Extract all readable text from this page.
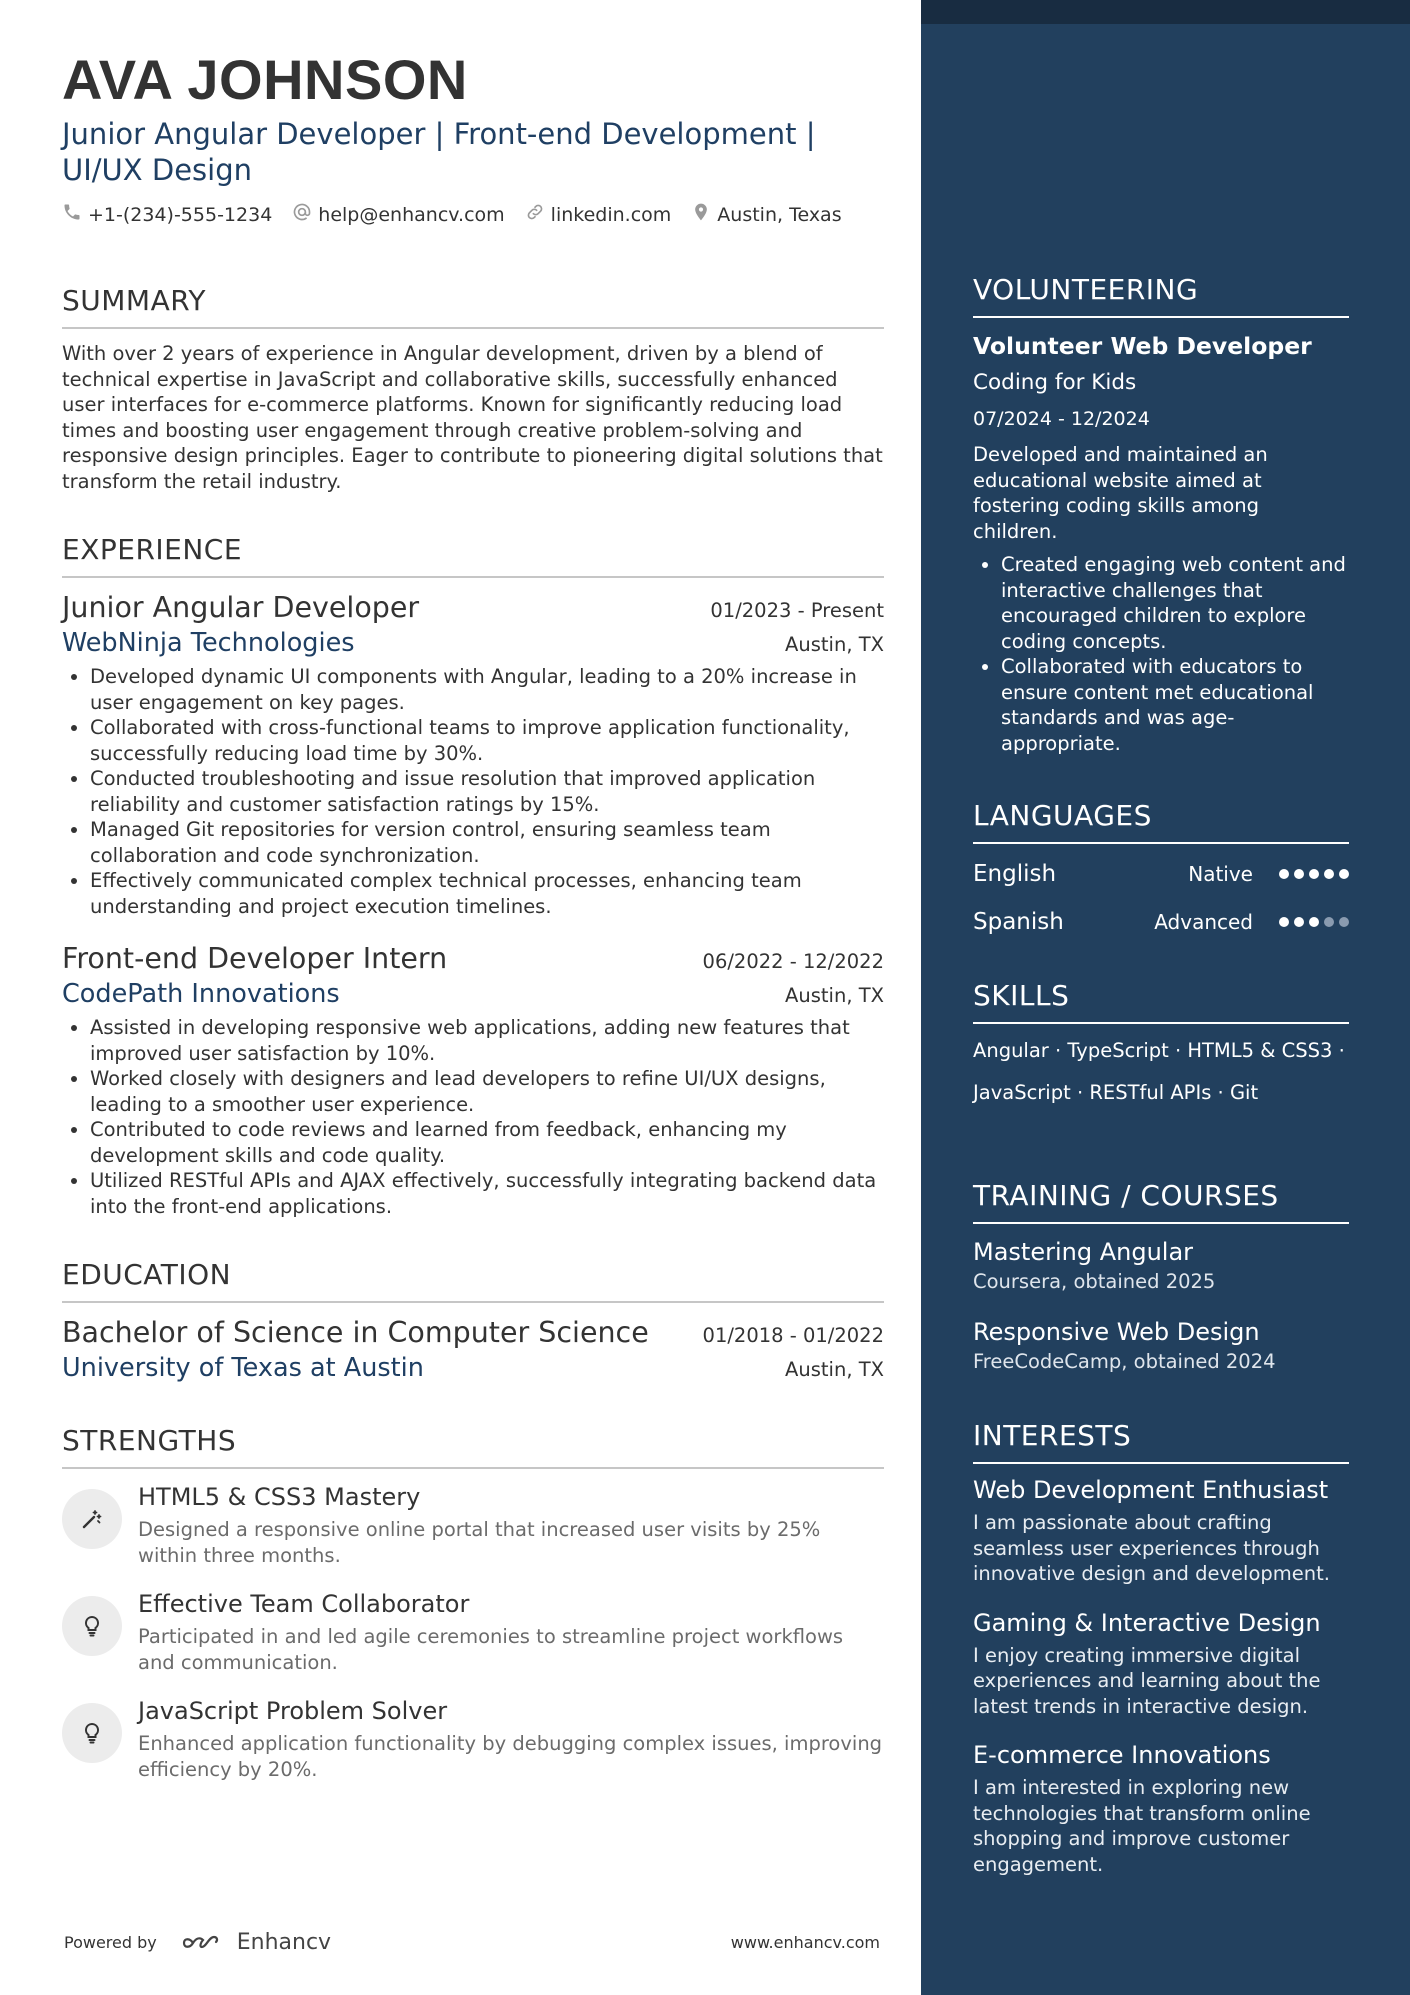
AVA JOHNSON
Junior Angular Developer | Front-end Development | UI/UX Design
+1-(234)-555-1234 help@enhancv.com linkedin.com Austin, Texas
SUMMARY
With over 2 years of experience in Angular development, driven by a blend of technical expertise in JavaScript and collaborative skills, successfully enhanced user interfaces for e-commerce platforms. Known for significantly reducing load times and boosting user engagement through creative problem-solving and responsive design principles. Eager to contribute to pioneering digital solutions that transform the retail industry.
EXPERIENCE
Junior Angular Developer	01/2023 - Present
WebNinja Technologies	Austin, TX
• Developed dynamic UI components with Angular, leading to a 20% increase in user engagement on key pages.
• Collaborated with cross-functional teams to improve application functionality, successfully reducing load time by 30%.
• Conducted troubleshooting and issue resolution that improved application reliability and customer satisfaction ratings by 15%.
• Managed Git repositories for version control, ensuring seamless team collaboration and code synchronization.
• Effectively communicated complex technical processes, enhancing team understanding and project execution timelines.
Front-end Developer Intern	06/2022 - 12/2022
CodePath Innovations	Austin, TX
• Assisted in developing responsive web applications, adding new features that improved user satisfaction by 10%.
• Worked closely with designers and lead developers to refine UI/UX designs, leading to a smoother user experience.
• Contributed to code reviews and learned from feedback, enhancing my development skills and code quality.
• Utilized RESTful APIs and AJAX effectively, successfully integrating backend data into the front-end applications.
EDUCATION
Bachelor of Science in Computer Science	01/2018 - 01/2022
University of Texas at Austin	Austin, TX
STRENGTHS
HTML5 & CSS3 Mastery
Designed a responsive online portal that increased user visits by 25% within three months.
Effective Team Collaborator
Participated in and led agile ceremonies to streamline project workflows and communication.
JavaScript Problem Solver
Enhanced application functionality by debugging complex issues, improving efficiency by 20%.
Powered by	Enhancv	www.enhancv.com
VOLUNTEERING
Volunteer Web Developer
Coding for Kids
07/2024 - 12/2024
Developed and maintained an educational website aimed at fostering coding skills among children.
• Created engaging web content and interactive challenges that encouraged children to explore coding concepts.
• Collaborated with educators to ensure content met educational standards and was age-appropriate.
LANGUAGES
English	Native
Spanish	Advanced
SKILLS
Angular · TypeScript · HTML5 & CSS3 · JavaScript · RESTful APIs · Git
TRAINING / COURSES
Mastering Angular
Coursera, obtained 2025
Responsive Web Design
FreeCodeCamp, obtained 2024
INTERESTS
Web Development Enthusiast
I am passionate about crafting seamless user experiences through innovative design and development.
Gaming & Interactive Design
I enjoy creating immersive digital experiences and learning about the latest trends in interactive design.
E-commerce Innovations
I am interested in exploring new technologies that transform online shopping and improve customer engagement.
